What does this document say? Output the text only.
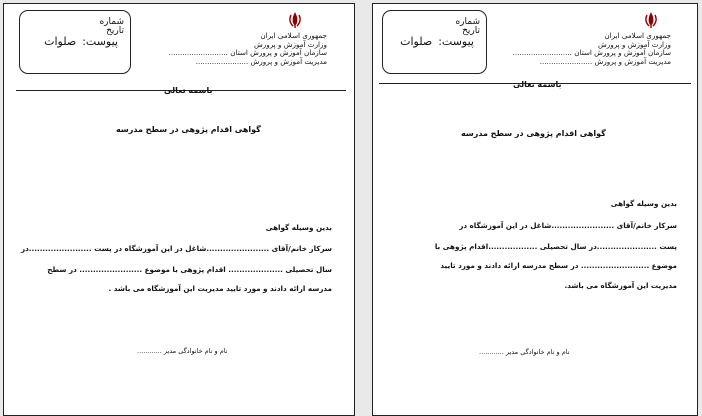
شماره
تاریخ
پیوست:صلوات	جمهوری اسلامی ایران
وزارت آموزش و پرورش
سازمان آموزش و پرورش استان ..........................
مدیریت آموزش و پرورش .......................
باسمه تعالی
گواهی اقدام پژوهی در سطح مدرسه
بدین وسیله گواهی
سرکار خانم/آقای .......................شاغل در این آموزشگاه در پست .......................در
سال تحصیلی .................... اقدام پژوهی با موضوع ....................... در سطح
مدرسه ارائه دادند و مورد تایید مدیریت این آموزشگاه می باشد .
نام و نام خانوادگی مدیر ............
شماره
تاریخ
پیوست:صلوات	جمهوری اسلامی ایران
وزارت آموزش و پرورش
سازمان آموزش و پرورش استان ..........................
مدیریت آموزش و پرورش .......................
باسمه تعالی
گواهی اقدام پژوهی در سطح مدرسه
بدین وسیله گواهی
سرکار خانم/آقای .......................شاغل در این آموزشگاه در
پست ......................در سال تحصیلی ..................اقدام پژوهی با
موضوع ......................... در سطح مدرسه ارائه دادند و مورد تایید
مدیریت این آموزشگاه می باشد.
نام و نام خانوادگی مدیر ............
